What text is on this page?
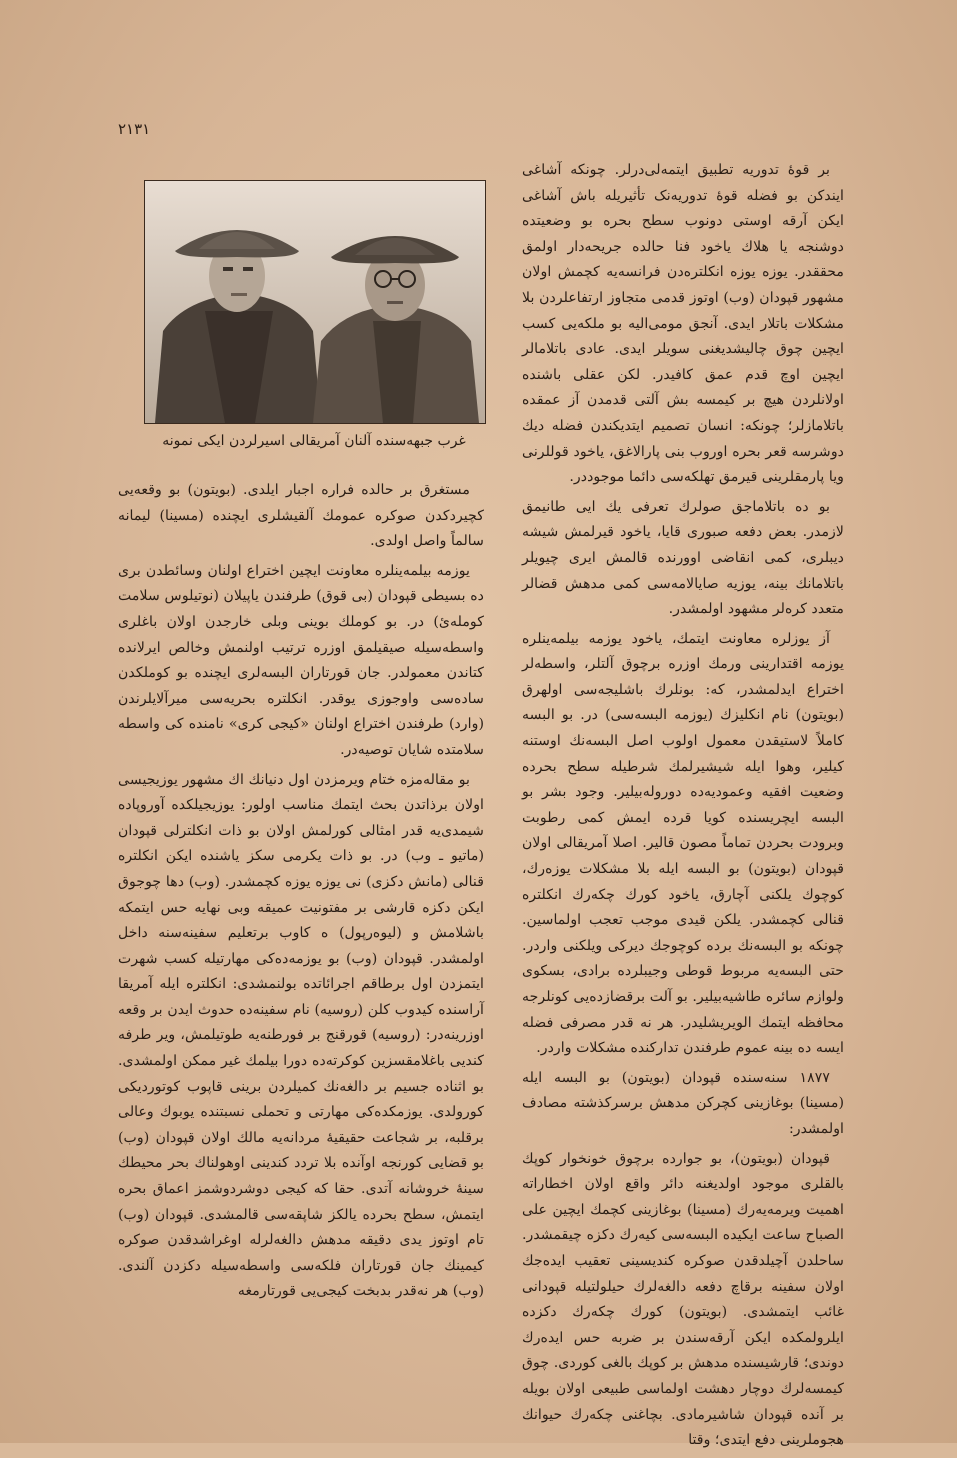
۲۱۳۱
غرب جبهه‌سنده آلنان آمریقالی اسیرلردن ایکی نمونه

بر قوهٔ تدوریه تطبیق ایتمه‌لی‌درلر. چونکه آشاغی ایندکن بو فضله قوهٔ تدوریه‌نک تأثیریله باش آشاغی ایکن آرقه اوستی دونوب سطح بحره بو وضعیتده دوشنجه یا هلاك یاخود فنا حالده جریحه‌دار اولمق محققدر. یوزه یوزه انکلتره‌دن فرانسه‌یه کچمش اولان مشهور قپودان (وب) اوتوز قدمی متجاوز ارتفاعلردن بلا مشکلات باتلار ایدی. آنجق مومی‌الیه بو ملکه‌یی کسب ایچین چوق چالیشدیغنی سویلر ایدی. عادی باتلامالر ایچین اوچ قدم عمق کافیدر. لکن عقلی باشنده اولانلردن هیچ بر کیمسه بش آلتی قدمدن آز عمقده باتلامازلر؛ چونکه: انسان تصمیم ایتدیکندن فضله دیك دوشرسه قعر بحره اوروب بنی پارالاغق، یاخود قوللرنی ویا پارمقلرینی قیرمق تهلکه‌سی دائما موجوددر.

بو ده باتلاماجق صولرك تعرفی یك ایی طانیمق لازمدر. بعض دفعه صبوری قایا، یاخود قیرلمش شیشه دیبلری، کمی انقاضی اوورنده قالمش ایری چیویلر باتلامانك بینه، یوزیه صایالامه‌سی کمی مدهش قضالر متعدد کره‌لر مشهود اولمشدر.

آز یوزلره معاونت ایتمك، یاخود یوزمه بیلمه‌ینلره یوزمه اقتدارینی ورمك اوزره برچوق آلتلر، واسطه‌لر اختراع ایدلمشدر، که: بونلرك باشلیجه‌سی اولهرق (بویتون) نام انکلیزك (یوزمه البسه‌سی) در. بو البسه کاملاً لاستیقدن معمول اولوب اصل البسه‌نك اوستنه کیلیر، وهوا ایله شیشیرلمك شرطیله سطح بحرده وضعیت افقیه وعمودیه‌ده دوروله‌بیلیر. وجود بشر بو البسه ایچریسنده کویا قرده ایمش کمی رطوبت وبرودت بحردن تماماً مصون قالیر. اصلا آمریقالی اولان قپودان (بویتون) بو البسه ایله بلا مشکلات یوزه‌رك، کوچوك یلکنی آچارق، یاخود کورك چکه‌رك انکلتره قنالی کچمشدر. یلکن قیدی موجب تعجب اولماسین. چونکه بو البسه‌نك برده کوچوجك دیرکی ویلکنی واردر. حتی البسه‌یه مربوط قوطی وجیبلرده برادی، بسکوی ولوازم سائره طاشیه‌بیلیر. بو آلت برقضازده‌یی کونلرجه محافظه ایتمك الویریشلیدر. هر نه قدر مصرفی فضله ایسه ده بینه عموم طرفندن تدارکنده مشکلات واردر.

۱۸۷۷ سنه‌سنده قپودان (بویتون) بو البسه ایله (مسینا) بوغازینی کچرکن مدهش برسرکذشته مصادف اولمشدر:

قپودان (بویتون)، بو جوارده برچوق خونخوار کوپك بالقلری موجود اولدیغنه دائر واقع اولان اخطاراته اهمیت ویرمه‌یه‌رك (مسینا) بوغازینی کچمك ایچین علی الصباح ساعت ایکیده البسه‌سی کیه‌رك دکزه چیقمشدر. ساحلدن آچیلدقدن صوکره کندیسینی تعقیب ایده‌جك اولان سفینه برقاچ دفعه دالغه‌لرك حیلولتیله قپودانی غائب ایتمشدی. (بویتون) کورك چکه‌رك دکزده ایلرولمکده ایکن آرقه‌سندن بر ضربه حس ایده‌رك دوندی؛ قارشیسنده مدهش بر کوپك بالغی کوردی. چوق کیمسه‌لرك دوچار دهشت اولماسی طبیعی اولان بویله بر آنده قپودان شاشیرمادی. بچاغنی چکه‌رك حیوانك هجوملرینی دفع ایتدی؛ وقتا

مستغرق بر حالده فراره اجبار ایلدی. (بویتون) بو وقعه‌یی کچیردکدن صوکره عمومك آلقیشلری ایچنده (مسینا) لیمانه سالماً واصل اولدی.

یوزمه بیلمه‌ینلره معاونت ایچین اختراع اولنان وسائطدن بری ده بسیطی قپودان (بی قوق) طرفندن یاپیلان (نوتیلوس سلامت کومله‌ئ) در. بو کوملك بوینی وبلی خارجدن اولان باغلری واسطه‌سیله صیقیلمق اوزره ترتیب اولنمش وخالص ایرلانده کتاندن معمولدر. جان قورتاران البسه‌لری ایچنده بو کوملکدن ساده‌سی واوجوزی یوقدر. انکلتره بحریه‌سی میرآلایلرندن (وارد) طرفندن اختراع اولنان «کیجی کری» نامنده کی واسطه سلامتده شایان توصیه‌در.

بو مقاله‌مزه ختام ویرمزدن اول دنیانك اك مشهور یوزیجیسی اولان برذاتدن بحث ایتمك مناسب اولور: یوزیجیلکده آوروپاده شیمدی‌یه قدر امثالی کورلمش اولان بو ذات انکلترلی قپودان (ماتیو ـ وب) در. بو ذات یکرمی سکز یاشنده ایکن انکلتره قنالی (مانش دکزی) نی یوزه یوزه کچمشدر. (وب) دها چوجوق ایکن دکزه قارشی بر مفتونیت عمیقه وبی نهایه حس ایتمکه باشلامش و (لیوه‌رپول) ه کاوب برتعلیم سفینه‌سنه داخل اولمشدر. قپودان (وب) بو یوزمه‌ده‌کی مهارتیله کسب شهرت ایتمزدن اول برطاقم اجرائاتده بولنمشدی: انکلتره ایله آمریقا آراسنده کیدوب کلن (روسیه) نام سفینه‌ده حدوث ایدن بر وقعه اوزرینه‌در: (روسیه) قورقنج بر فورطنه‌یه طوتیلمش، ویر طرفه کندیی باغلامقسزین کوکرته‌ده دورا بیلمك غیر ممکن اولمشدی. بو اثناده جسیم بر دالغه‌نك کمیلردن برینی قاپوب کوتوردیکی کورولدی. یوزمکده‌کی مهارتی و تحملی نسبتنده یوبوك وعالی برقلبه، بر شجاعت حقیقیهٔ مردانه‌یه مالك اولان قپودان (وب) بو قضایی کورنجه اوآنده بلا تردد کندینی اوهولناك بحر محیطك سینهٔ خروشانه آتدی. حقا که کیجی دوشردوشمز اعماق بحره ایتمش، سطح بحرده یالکز شاپقه‌سی قالمشدی. قپودان (وب) تام اوتوز یدی دقیقه مدهش دالغه‌لرله اوغراشدقدن صوکره کیمینك جان قورتاران فلکه‌سی واسطه‌سیله دکزدن آلندی. (وب) هر نه‌قدر بدبخت کیجی‌یی قورتارمغه
